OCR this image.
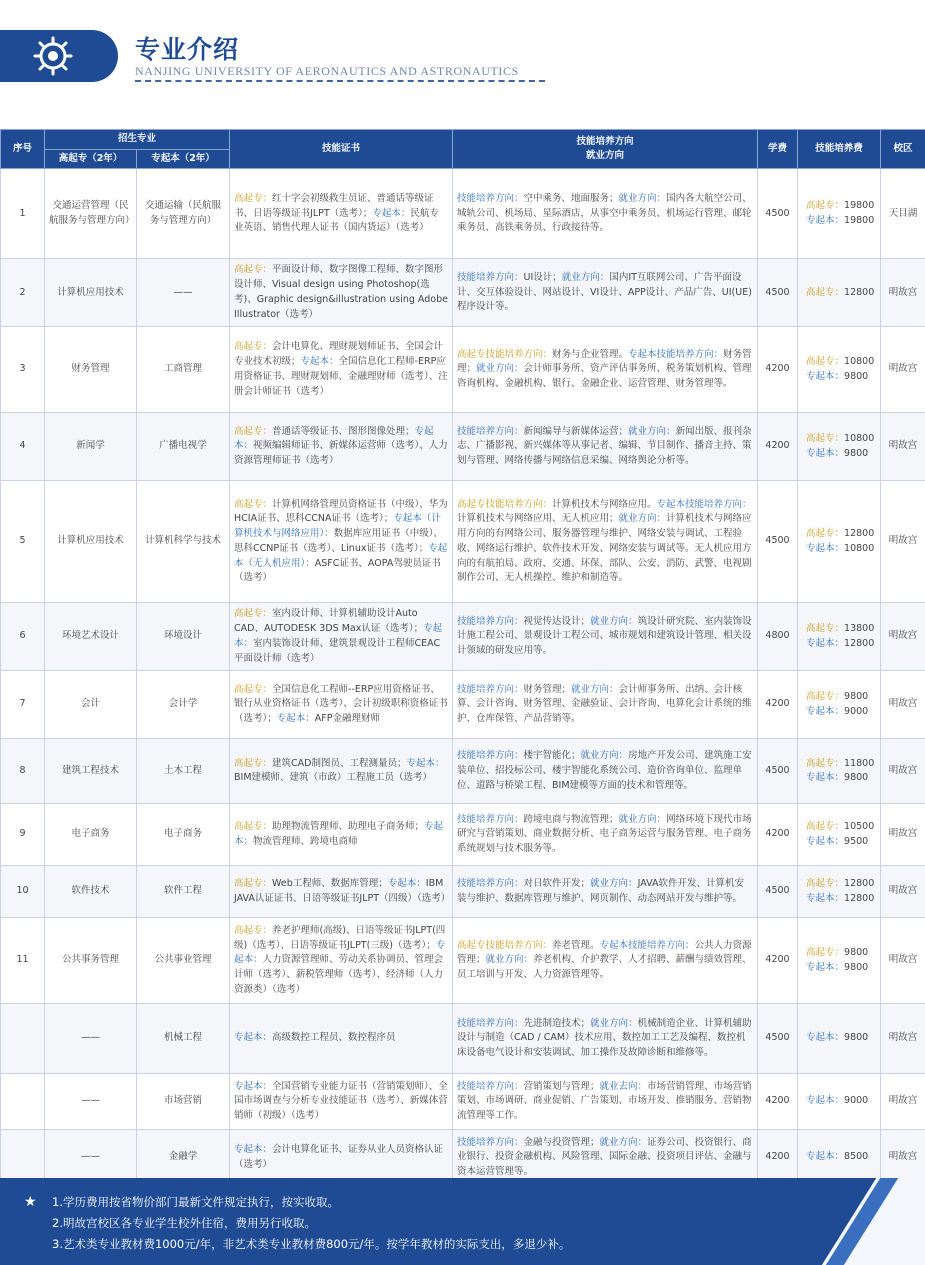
专业介绍
NANJING UNIVERSITY OF AERONAUTICS AND ASTRONAUTICS
序号	招生专业		技能证书	技能培养方向
就业方向	学费	技能培养费	校区
	高起专（2年）	专起本（2年）					
1	交通运营管理（民航服务与管理方向）	交通运输（民航服务与管理方向）	高起专：红十字会初级救生员证、普通话等级证书、日语等级证书JLPT（选考）；专起本：民航专业英语、销售代理人证书（国内货运）（选考）	技能培养方向：空中乘务、地面服务；就业方向：国内各大航空公司、城轨公司、机场局、星际酒店，从事空中乘务员、机场运行管理、邮轮乘务员、高铁乘务员、行政接待等。	4500	高起专：19800
专起本：19800	天目湖
2	计算机应用技术	——	高起专：平面设计师、数字图像工程师、数字图形设计师、Visual design using Photoshop(选考)、Graphic design&illustration using Adobe Illustrator（选考）	技能培养方向：UI设计；就业方向：国内IT互联网公司、广告平面设计、交互体验设计、网站设计、VI设计、APP设计、产品广告、UI(UE)程序设计等。	4500	高起专：12800	明故宫
3	财务管理	工商管理	高起专：会计电算化、理财规划师证书、全国会计专业技术初级；专起本：全国信息化工程师-ERP应用资格证书、理财规划师、金融理财师（选考）、注册会计师证书（选考）	高起专技能培养方向：财务与企业管理。专起本技能培养方向：财务管理；就业方向：会计师事务所、资产评估事务所、税务策划机构、管理咨询机构、金融机构、银行、金融企业、运营管理、财务管理等。	4200	高起专：10800
专起本：9800	明故宫
4	新闻学	广播电视学	高起专：普通话等级证书、图形图像处理；专起本：视频编辑师证书、新媒体运营师（选考）、人力资源管理师证书（选考）	技能培养方向：新闻编导与新媒体运营；就业方向：新闻出版、报刊杂志、广播影视、新兴媒体等从事记者、编辑、节目制作、播音主持、策划与管理、网络传播与网络信息采编、网络舆论分析等。	4200	高起专：10800
专起本：9800	明故宫
5	计算机应用技术	计算机科学与技术	高起专：计算机网络管理员资格证书（中级）、华为HCIA证书、思科CCNA证书（选考）；专起本（计算机技术与网络应用）：数据库应用证书（中级）、思科CCNP证书（选考）、Linux证书（选考）；专起本（无人机应用）：ASFC证书、AOPA驾驶员证书（选考）	高起专技能培养方向：计算机技术与网络应用。专起本技能培养方向：计算机技术与网络应用、无人机应用；就业方向：计算机技术与网络应用方向的有网络公司、服务器管理与维护、网络安装与调试、工程验收、网络运行维护、软件技术开发、网络安装与调试等。无人机应用方向的有航拍局、政府、交通、环保、部队、公安、消防、武警、电视剧制作公司、无人机操控、维护和制造等。	4500	高起专：12800
专起本：10800	明故宫
6	环境艺术设计	环境设计	高起专：室内设计师、计算机辅助设计Auto CAD、AUTODESK 3DS Max认证（选考）；专起本：室内装饰设计师、建筑景观设计工程师CEAC平面设计师（选考）	技能培养方向：视觉传达设计；就业方向：筑设计研究院、室内装饰设计施工程公司、景观设计工程公司、城市规划和建筑设计管理、相关设计领域的研发应用等。	4800	高起专：13800
专起本：12800	明故宫
7	会计	会计学	高起专：全国信息化工程师--ERP应用资格证书、银行从业资格证书（选考）、会计初级职称资格证书（选考）；专起本：AFP金融理财师	技能培养方向：财务管理；就业方向：会计师事务所、出纳、会计核算、会计咨询、财务管理、金融验证、会计咨询、电算化会计系统的维护、仓库保管、产品营销等。	4200	高起专：9800
专起本：9000	明故宫
8	建筑工程技术	土木工程	高起专：建筑CAD制图员、工程测量员；专起本：BIM建模师、建筑（市政）工程施工员（选考）	技能培养方向：楼宇智能化；就业方向：房地产开发公司、建筑施工安装单位、招投标公司、楼宇智能化系统公司、造价咨询单位、监理单位、道路与桥梁工程、BIM建模等方面的技术和管理等。	4500	高起专：11800
专起本：9800	明故宫
9	电子商务	电子商务	高起专：助理物流管理师、助理电子商务师；专起本：物流管理师、跨境电商师	技能培养方向：跨境电商与物流管理；就业方向：网络环境下现代市场研究与营销策划、商业数据分析、电子商务运营与服务管理、电子商务系统规划与技术服务等。	4200	高起专：10500
专起本：9500	明故宫
10	软件技术	软件工程	高起专：Web工程师、数据库管理；专起本：IBM JAVA认证证书、日语等级证书JLPT（四级）（选考）	技能培养方向：对日软件开发；就业方向：JAVA软件开发、计算机安装与维护、数据库管理与维护、网页制作、动态网站开发与维护等。	4500	高起专：12800
专起本：12800	明故宫
11	公共事务管理	公共事业管理	高起专：养老护理师(高级)、日语等级证书JLPT(四级)（选考）、日语等级证书JLPT(三级)（选考）；专起本：人力资源管理师、劳动关系协调员、管理会计师（选考）、薪税管理师（选考）、经济师（人力资源类）（选考）	高起专技能培养方向：养老管理。专起本技能培养方向：公共人力资源管理；就业方向：养老机构、介护教学、人才招聘、薪酬与绩效管理、员工培训与开发、人力资源管理等。	4200	高起专：9800
专起本：9800	明故宫
	——	机械工程	专起本：高级数控工程员、数控程序员	技能培养方向：先进制造技术；就业方向：机械制造企业、计算机辅助设计与制造（CAD / CAM）技术应用、数控加工工艺及编程、数控机床设备电气设计和安装调试、加工操作及故障诊断和维修等。	4500	专起本：9800	明故宫
	——	市场营销	专起本：全国营销专业能力证书（营销策划师）、全国市场调查与分析专业技能证书（选考）、新媒体营销师（初级）（选考）	技能培养方向：营销策划与管理；就业去向：市场营销管理、市场营销策划、市场调研、商业促销、广告策划、市场开发、推销服务、营销物流管理等工作。	4200	专起本：9000	明故宫
	——	金融学	专起本：会计电算化证书、证券从业人员资格认证（选考）	技能培养方向：金融与投资管理；就业方向：证券公司、投资银行、商业银行、投资金融机构、风险管理、国际金融、投资项目评估、金融与资本运营管理等。	4200	专起本：8500	明故宫
★	1.学历费用按省物价部门最新文件规定执行，按实收取。
2.明故宫校区各专业学生校外住宿，费用另行收取。
3.艺术类专业教材费1000元/年，非艺术类专业教材费800元/年。按学年教材的实际支出，多退少补。
